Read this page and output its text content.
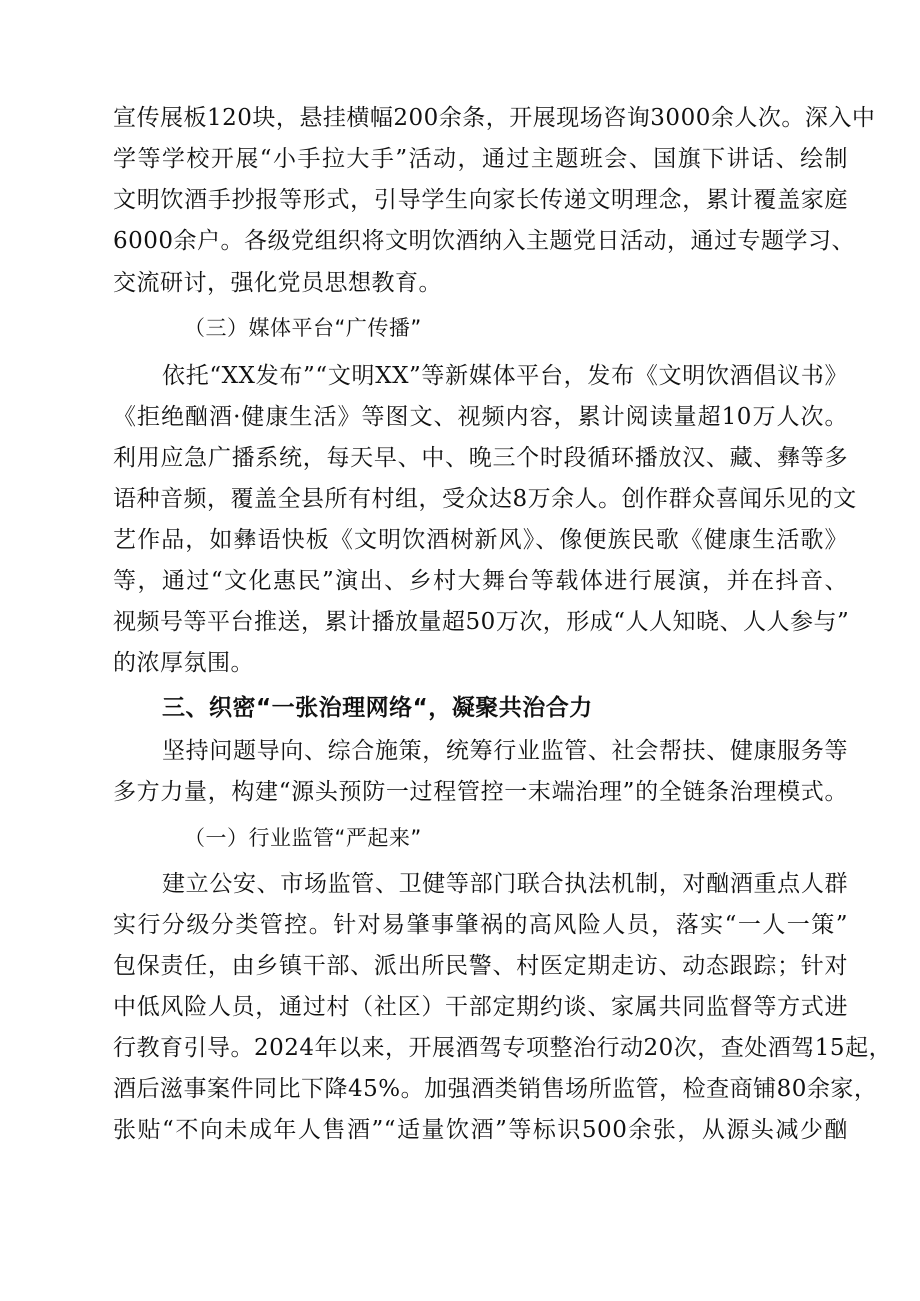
宣传展板120块，悬挂横幅200余条，开展现场咨询3000余人次。深入中
学等学校开展“小手拉大手”活动，通过主题班会、国旗下讲话、绘制
文明饮酒手抄报等形式，引导学生向家长传递文明理念，累计覆盖家庭
6000余户。各级党组织将文明饮酒纳入主题党日活动，通过专题学习、
交流研讨，强化党员思想教育。
（三）媒体平台“广传播”
依托“XX发布”“文明XX”等新媒体平台，发布《文明饮酒倡议书》
《拒绝酗酒·健康生活》等图文、视频内容，累计阅读量超10万人次。
利用应急广播系统，每天早、中、晚三个时段循环播放汉、藏、彝等多
语种音频，覆盖全县所有村组，受众达8万余人。创作群众喜闻乐见的文
艺作品，如彝语快板《文明饮酒树新风》、像便族民歌《健康生活歌》
等，通过“文化惠民”演出、乡村大舞台等载体进行展演，并在抖音、
视频号等平台推送，累计播放量超50万次，形成“人人知晓、人人参与”
的浓厚氛围。
三、织密“一张治理网络“，凝聚共治合力
坚持问题导向、综合施策，统筹行业监管、社会帮扶、健康服务等
多方力量，构建“源头预防一过程管控一末端治理”的全链条治理模式。
（一）行业监管“严起来”
建立公安、市场监管、卫健等部门联合执法机制，对酗酒重点人群
实行分级分类管控。针对易肇事肇祸的高风险人员，落实“一人一策”
包保责任，由乡镇干部、派出所民警、村医定期走访、动态跟踪；针对
中低风险人员，通过村（社区）干部定期约谈、家属共同监督等方式进
行教育引导。2024年以来，开展酒驾专项整治行动20次，查处酒驾15起，
酒后滋事案件同比下降45%。加强酒类销售场所监管，检查商铺80余家，
张贴“不向未成年人售酒”“适量饮酒”等标识500余张，从源头减少酗
